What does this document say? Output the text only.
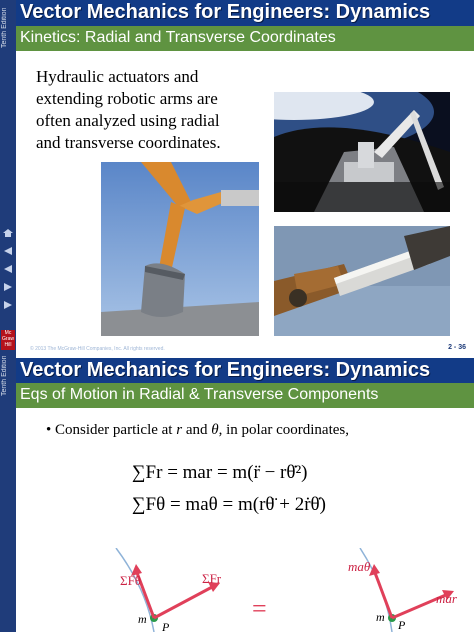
Tenth Edition Vector Mechanics for Engineers: Dynamics
Kinetics: Radial and Transverse Coordinates
Hydraulic actuators and
extending robotic arms are
often analyzed using radial
and transverse coordinates.
© 2013 The McGraw-Hill Companies, Inc. All rights reserved.	2 - 36
Mc
Graw
Hill
Tenth Edition Vector Mechanics for Engineers: Dynamics
Eqs of Motion in Radial & Transverse Components
• Consider particle at r and θ, in polar coordinates,
∑Fr = mar = m(r̈ − rθ̇²)
∑Fθ = maθ = m(rθ̈ + 2ṙθ̇)
ΣFθ	ΣFr
m
P
=
maθ
mar
m
P
